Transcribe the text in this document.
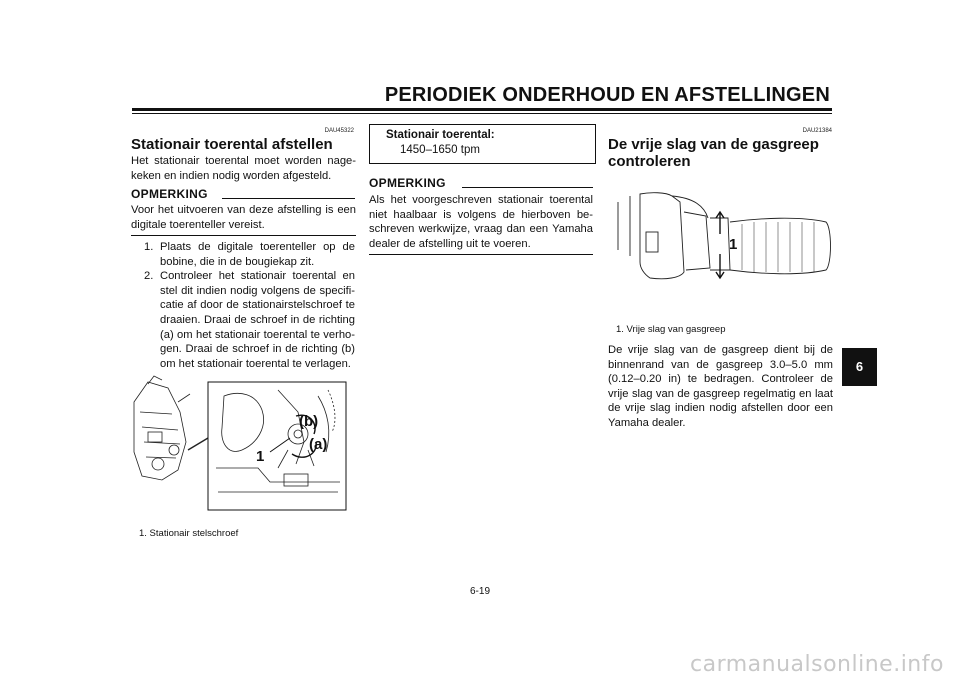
PERIODIEK ONDERHOUD EN AFSTELLINGEN
DAU45322
Stationair toerental afstellen
Het stationair toerental moet worden nage-keken en indien nodig worden afgesteld.
OPMERKING
Voor het uitvoeren van deze afstelling is een digitale toerenteller vereist.
1. Plaats de digitale toerenteller op de bobine, die in de bougiekap zit.
2. Controleer het stationair toerental en stel dit indien nodig volgens de specifi-catie af door de stationairstelschroef te draaien. Draai de schroef in de richting (a) om het stationair toerental te verho-gen. Draai de schroef in de richting (b) om het stationair toerental te verlagen.
(b)
(a)
1
1. Stationair stelschroef
Stationair toerental:
1450–1650 tpm
OPMERKING
Als het voorgeschreven stationair toerental niet haalbaar is volgens de hierboven be-schreven werkwijze, vraag dan een Yamaha dealer de afstelling uit te voeren.
DAU21384
De vrije slag van de gasgreep
controleren
1
1. Vrije slag van gasgreep
De vrije slag van de gasgreep dient bij de binnenrand van de gasgreep 3.0–5.0 mm (0.12–0.20 in) te bedragen. Controleer de vrije slag van de gasgreep regelmatig en laat de vrije slag indien nodig afstellen door een Yamaha dealer.
6
6-19
carmanualsonline.info
